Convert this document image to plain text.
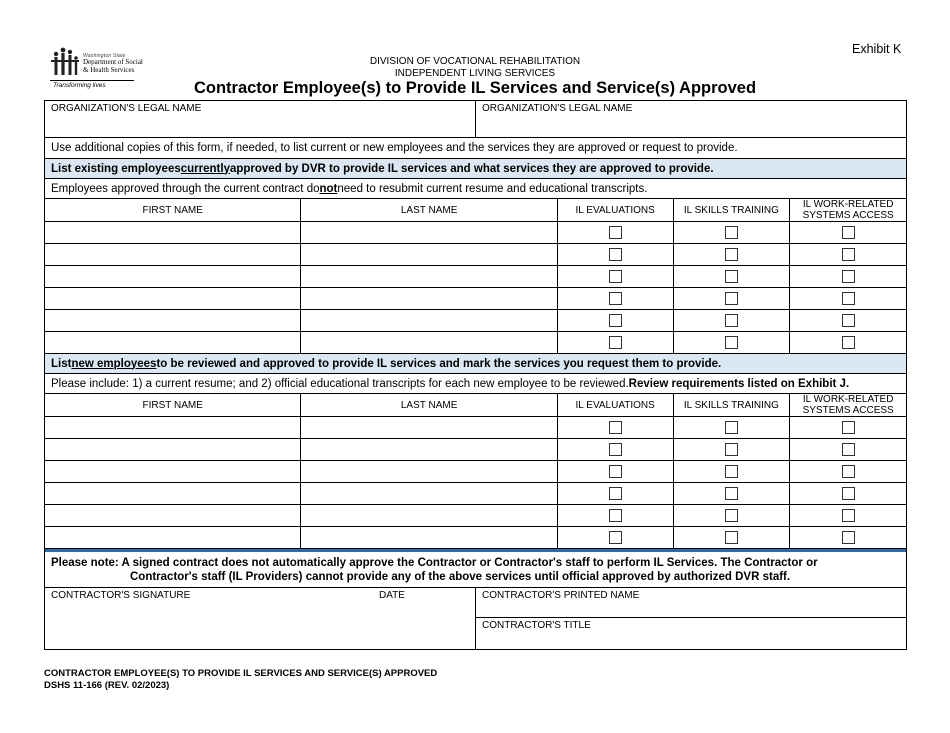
Washington State
Department of Social & Health Services
Transforming lives
Exhibit K
DIVISION OF VOCATIONAL REHABILITATION
INDEPENDENT LIVING SERVICES
Contractor Employee(s) to Provide IL Services and Service(s) Approved
ORGANIZATION'S LEGAL NAME	ORGANIZATION'S LEGAL NAME
Use additional copies of this form, if needed, to list current or new employees and the services they are approved or request to provide.
List existing employees currently approved by DVR to provide IL services and what services they are approved to provide.
Employees approved through the current contract do not need to resubmit current resume and educational transcripts.
FIRST NAME	LAST NAME	IL EVALUATIONS	IL SKILLS TRAINING	IL WORK-RELATED SYSTEMS ACCESS
List new employees to be reviewed and approved to provide IL services and mark the services you request them to provide.
Please include: 1) a current resume; and 2) official educational transcripts for each new employee to be reviewed. Review requirements listed on Exhibit J.
FIRST NAME	LAST NAME	IL EVALUATIONS	IL SKILLS TRAINING	IL WORK-RELATED SYSTEMS ACCESS
Please note: A signed contract does not automatically approve the Contractor or Contractor's staff to perform IL Services. The Contractor or
Contractor's staff (IL Providers) cannot provide any of the above services until official approved by authorized DVR staff.
CONTRACTOR'S SIGNATURE	DATE	CONTRACTOR'S PRINTED NAME
CONTRACTOR'S TITLE
CONTRACTOR EMPLOYEE(S) TO PROVIDE IL SERVICES AND SERVICE(S) APPROVED
DSHS 11-166 (REV. 02/2023)
